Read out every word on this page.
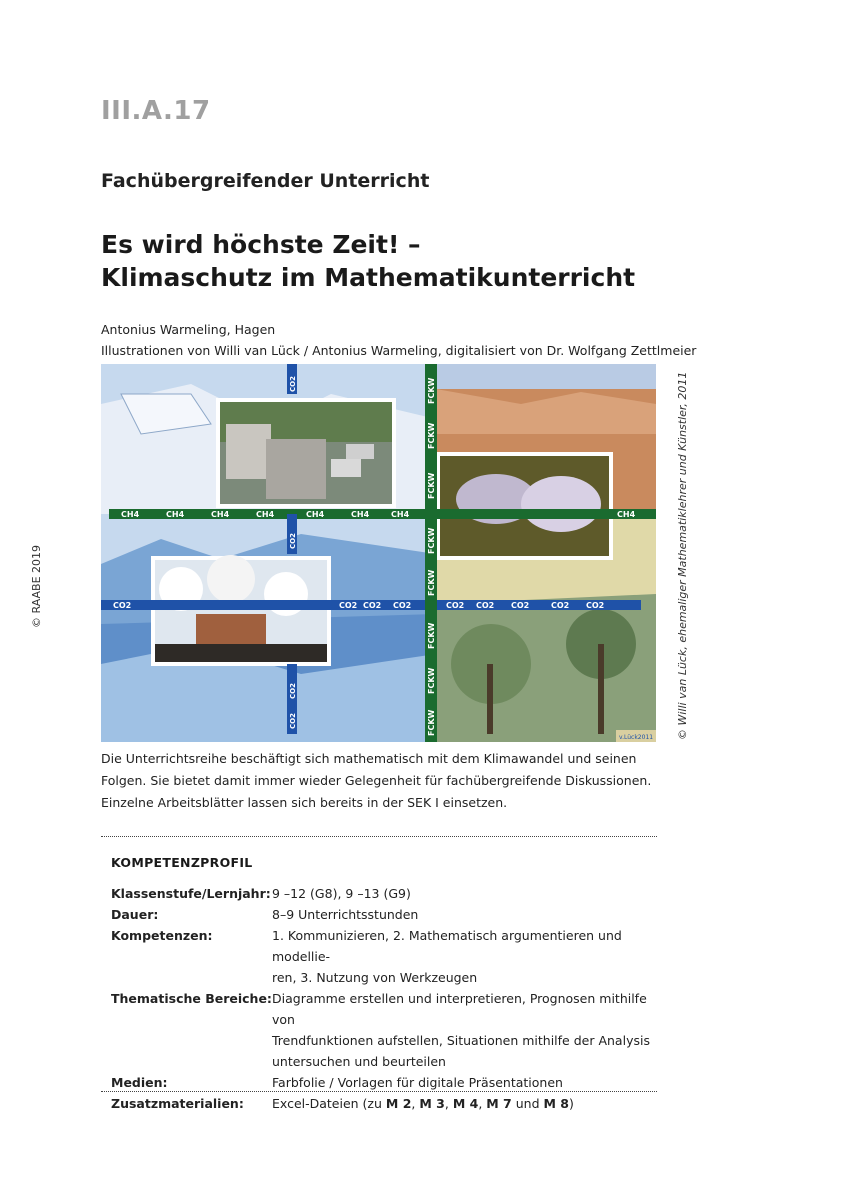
III.A.17
Fachübergreifender Unterricht
Es wird höchste Zeit! –
Klimaschutz im Mathematikunterricht
Antonius Warmeling, Hagen
Illustrationen von Willi van Lück / Antonius Warmeling, digitalisiert von Dr. Wolfgang Zettlmeier
© RAABE 2019	© Willi van Lück, ehemaliger Mathematiklehrer und Künstler, 2011
CH4	CH4	CH4	CH4	CH4	CH4	CH4	CH4
CO2	CO2 CO2 CO2	CO2 CO2 CO2	CO2 CO2
CO2
CO2
CO2
CO2
FCKW
FCKW
FCKW
FCKW
FCKW
FCKW
FCKW
FCKW
v.Lück2011
Die Unterrichtsreihe beschäftigt sich mathematisch mit dem Klimawandel und seinen Folgen. Sie bietet damit immer wieder Gelegenheit für fachübergreifende Diskussionen. Einzelne Arbeitsblätter lassen sich bereits in der SEK I einsetzen.
KOMPETENZPROFIL
Klassenstufe/Lernjahr: 9 –12 (G8), 9 –13 (G9)
Dauer:	8–9 Unterrichtsstunden
Kompetenzen:	1. Kommunizieren, 2. Mathematisch argumentieren und modellie-
ren, 3. Nutzung von Werkzeugen
Thematische Bereiche: Diagramme erstellen und interpretieren, Prognosen mithilfe von
Trendfunktionen aufstellen, Situationen mithilfe der Analysis
untersuchen und beurteilen
Medien:	Farbfolie / Vorlagen für digitale Präsentationen
Zusatzmaterialien:	Excel-Dateien (zu M 2, M 3, M 4, M 7 und M 8)
